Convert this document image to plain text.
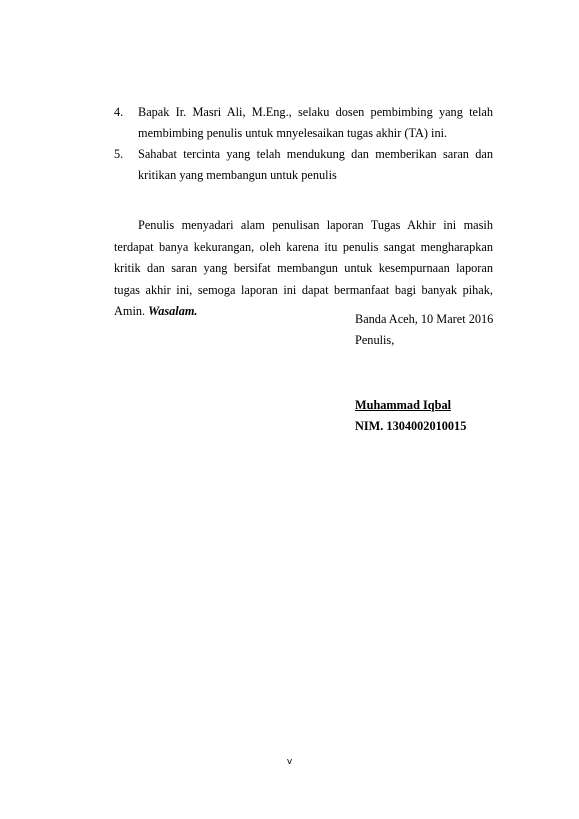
4. Bapak Ir. Masri Ali, M.Eng., selaku dosen pembimbing yang telah membimbing penulis untuk mnyelesaikan tugas akhir (TA) ini.
5. Sahabat tercinta yang telah mendukung dan memberikan saran dan kritikan yang membangun untuk penulis

Penulis menyadari alam penulisan laporan Tugas Akhir ini masih terdapat banya kekurangan, oleh karena itu penulis sangat mengharapkan kritik dan saran yang bersifat membangun untuk kesempurnaan laporan tugas akhir ini, semoga laporan ini dapat bermanfaat bagi banyak pihak, Amin. Wasalam.

Banda Aceh, 10 Maret 2016
Penulis,
Muhammad Iqbal
NIM. 1304002010015
v
